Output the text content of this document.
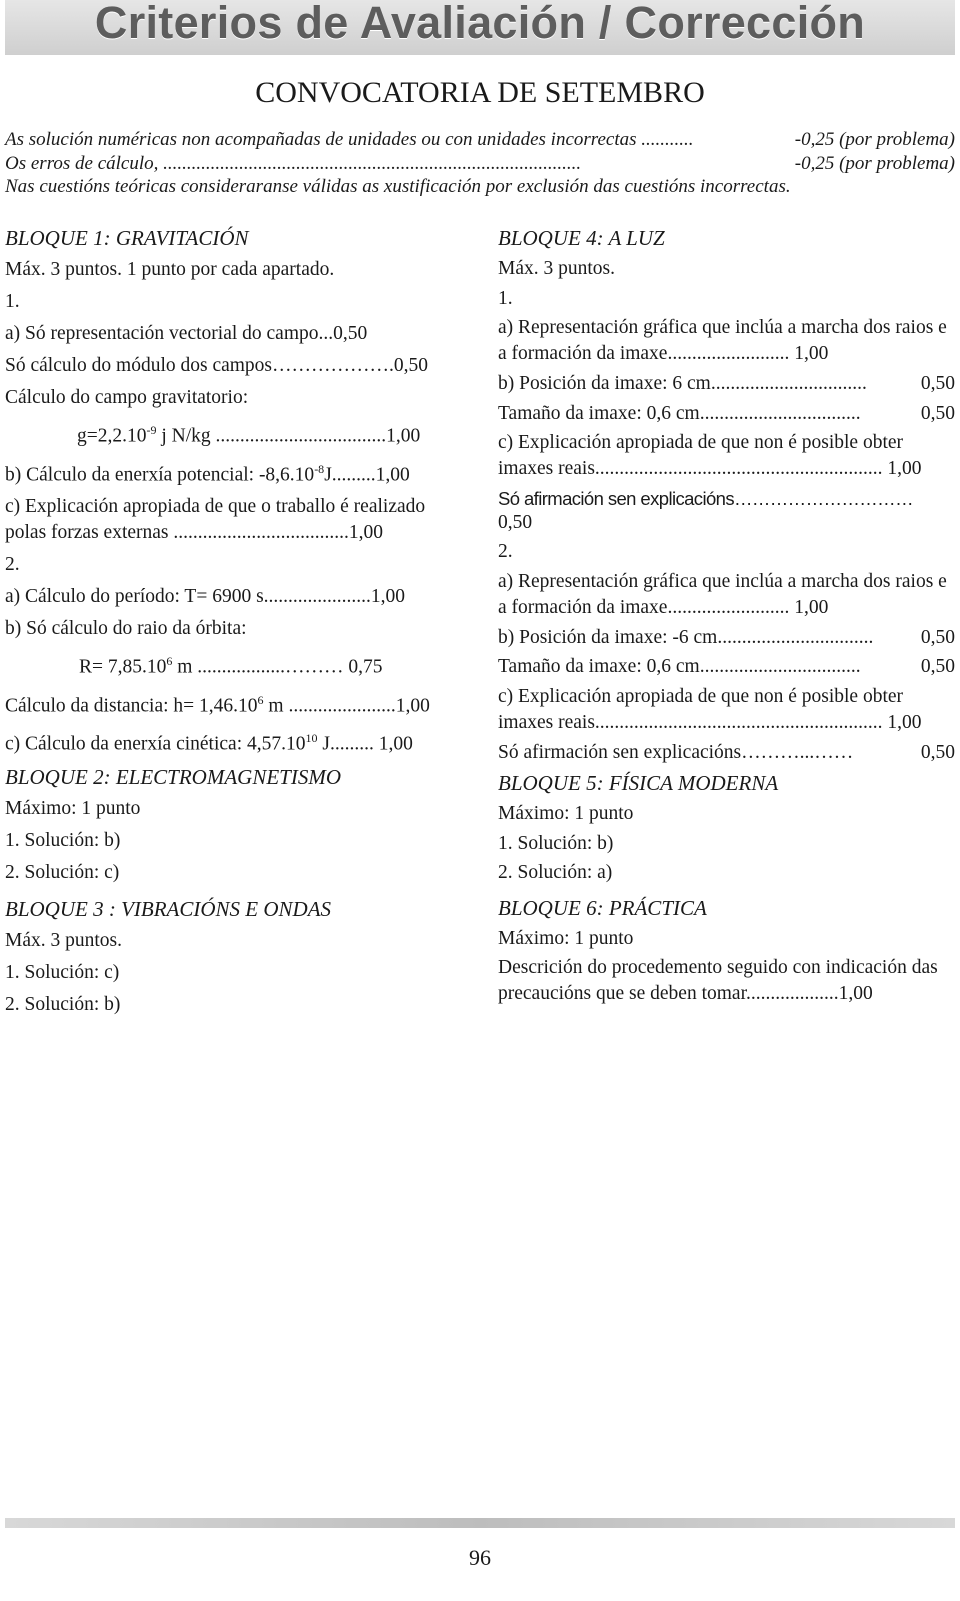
Criterios de Avaliación / Corrección
CONVOCATORIA DE SETEMBRO
As solución numéricas non acompañadas de unidades ou con unidades incorrectas ...........	-0,25 (por problema)
Os erros de cálculo, ........................................................................................	-0,25 (por problema)
Nas cuestións teóricas consideraranse válidas as xustificación por exclusión das cuestións incorrectas.
BLOQUE 1: GRAVITACIÓN
Máx. 3 puntos. 1 punto por cada apartado.
1.
a) Só representación vectorial do campo...0,50
Só cálculo do módulo dos campos……………….0,50
Cálculo do campo gravitatorio:
$g=2,2.10^{-9}$ j N/kg ...................................1,00
b) Cálculo da enerxía potencial: $-8,6.10^{-8}J.........1,00$
c) Explicación apropiada de que o traballo é realizado polas forzas externas ....................................1,00
2.
a) Cálculo do período: T= 6900 s......................1,00
b) Só cálculo do raio da órbita:
$R= 7,85.10^6$ m ..................……… 0,75
Cálculo da distancia: $h= 1,46.10^6$ m ......................1,00
c) Cálculo da enerxía cinética: 4,57.10$^{10}$ J......... 1,00
BLOQUE 2: ELECTROMAGNETISMO
Máximo: 1 punto
1. Solución: b)
2. Solución: c)
BLOQUE 3 : VIBRACIÓNS E ONDAS
Máx. 3 puntos.
1. Solución: c)
2. Solución: b)
BLOQUE 4: A LUZ
Máx. 3 puntos.
1.
a) Representación gráfica que inclúa a marcha dos raios e a formación da imaxe......................... 1,00
b) Posición da imaxe: 6 cm................................	0,50
Tamaño da imaxe: 0,6 cm.................................	0,50
c) Explicación apropiada de que non é posible obter imaxes reais........................................................... 1,00
Só afirmación sen explicacións…………………………
0,50
2.
a) Representación gráfica que inclúa a marcha dos raios e a formación da imaxe......................... 1,00
b) Posición da imaxe: -6 cm................................ 0,50
Tamaño da imaxe: 0,6 cm.................................	0,50
c) Explicación apropiada de que non é posible obter imaxes reais........................................................... 1,00
Só afirmación sen explicacións………...……	0,50
BLOQUE 5: FÍSICA MODERNA
Máximo: 1 punto
1. Solución: b)
2. Solución: a)
BLOQUE 6: PRÁCTICA
Máximo: 1 punto
Descrición do procedemento seguido con indicación das precaucións que se deben tomar...................1,00
96
